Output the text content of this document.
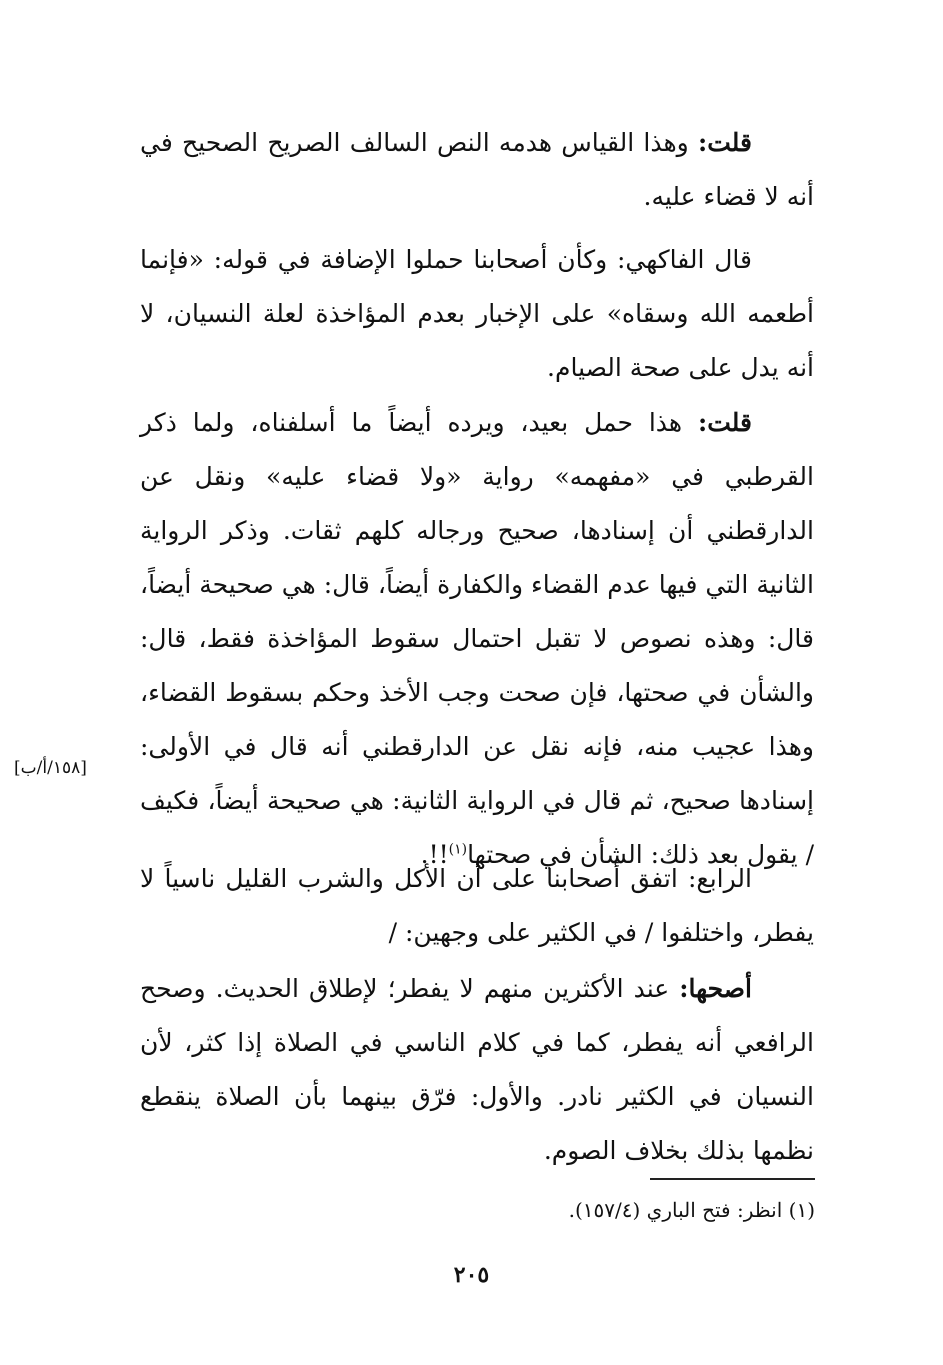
قلت: وهذا القياس هدمه النص السالف الصريح الصحيح في أنه لا قضاء عليه.

قال الفاكهي: وكأن أصحابنا حملوا الإضافة في قوله: «فإنما أطعمه الله وسقاه» على الإخبار بعدم المؤاخذة لعلة النسيان، لا أنه يدل على صحة الصيام.

قلت: هذا حمل بعيد، ويرده أيضاً ما أسلفناه، ولما ذكر القرطبي في «مفهمه» رواية «ولا قضاء عليه» ونقل عن الدارقطني أن إسنادها، صحيح ورجاله كلهم ثقات. وذكر الرواية الثانية التي فيها عدم القضاء والكفارة أيضاً، قال: هي صحيحة أيضاً، قال: وهذه نصوص لا تقبل احتمال سقوط المؤاخذة فقط، قال: والشأن في صحتها، فإن صحت وجب الأخذ وحكم بسقوط القضاء، وهذا عجيب منه، فإنه نقل عن الدارقطني أنه قال في الأولى: إسنادها صحيح، ثم قال في الرواية الثانية: هي صحيحة أيضاً، فكيف / يقول بعد ذلك: الشأن في صحتها$^{(١)}$!!.

الرابع: اتفق أصحابنا على أن الأكل والشرب القليل ناسياً لا يفطر، واختلفوا / في الكثير على وجهين: /

أصحها: عند الأكثرين منهم لا يفطر؛ لإطلاق الحديث. وصحح الرافعي أنه يفطر، كما في كلام الناسي في الصلاة إذا كثر، لأن النسيان في الكثير نادر. والأول: فرّق بينهما بأن الصلاة ينقطع نظمها بذلك بخلاف الصوم.

[١٥٨/أ/ب]
(١) انظر: فتح الباري (١٥٧/٤).
٢٠٥
